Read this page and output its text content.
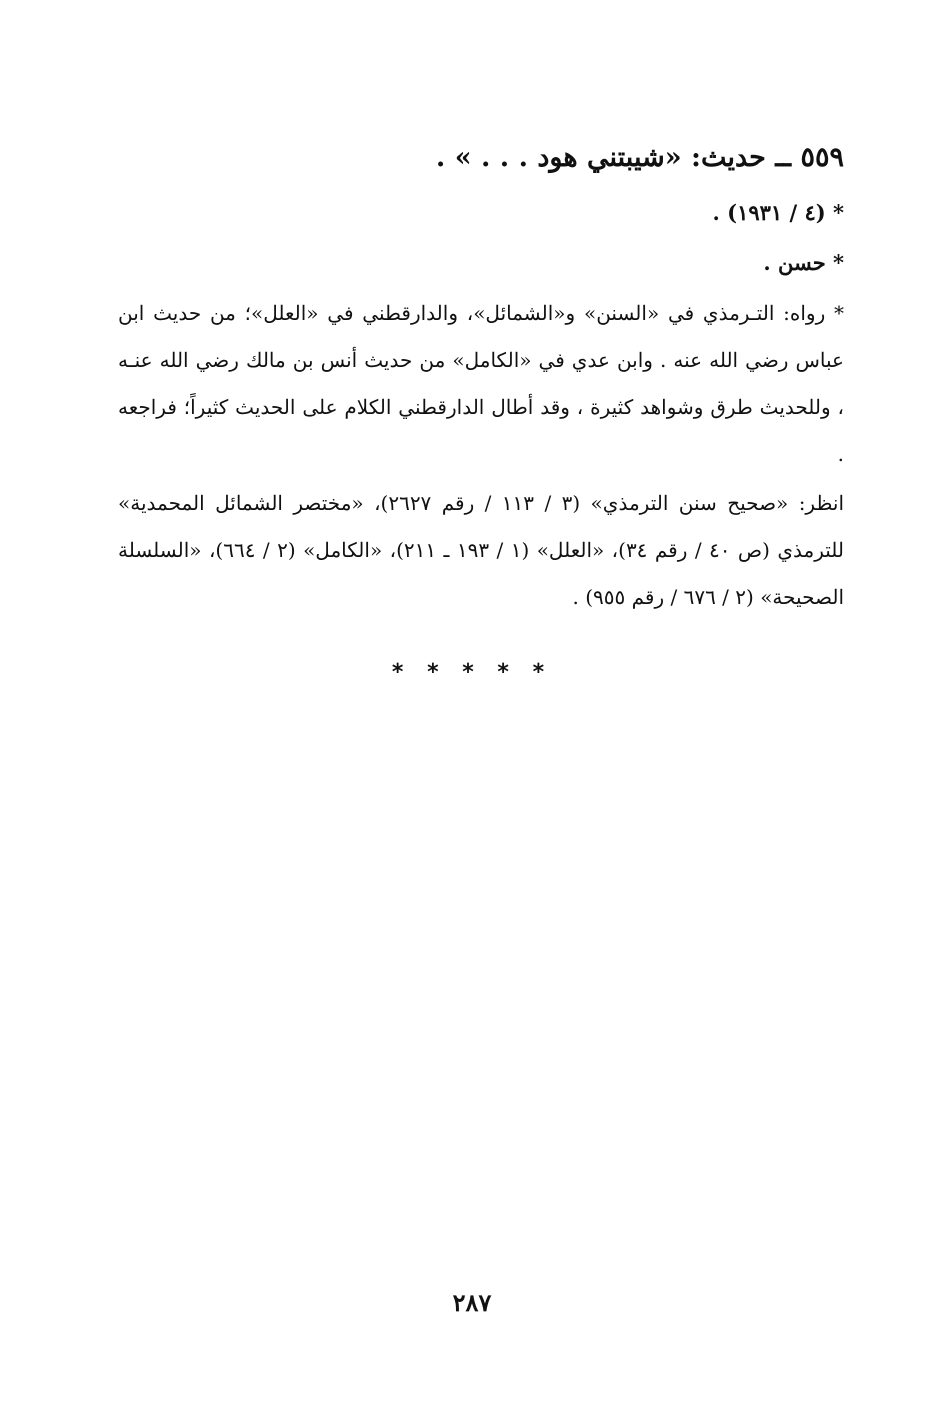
٥٥٩ ــ حديث: «شيبتني هود . . . » .

* (٤ / ١٩٣١) .

* حسن .

* رواه: التـرمذي في «السنن» و«الشمائل»، والدارقطني في «العلل»؛ من حديث ابن عباس رضي الله عنه . وابن عدي في «الكامل» من حديث أنس بن مالك رضي الله عنـه ، وللحديث طرق وشواهد كثيرة ، وقد أطال الدارقطني الكلام على الحديث كثيراً؛ فراجعه .

انظر: «صحيح سنن الترمذي» (٣ / ١١٣ / رقم ٢٦٢٧)، «مختصر الشمائل المحمدية» للترمذي (ص ٤٠ / رقم ٣٤)، «العلل» (١ / ١٩٣ ـ ٢١١)، «الكامل» (٢ / ٦٦٤)، «السلسلة الصحيحة» (٢ / ٦٧٦ / رقم ٩٥٥) .

* * * * *
٢٨٧
